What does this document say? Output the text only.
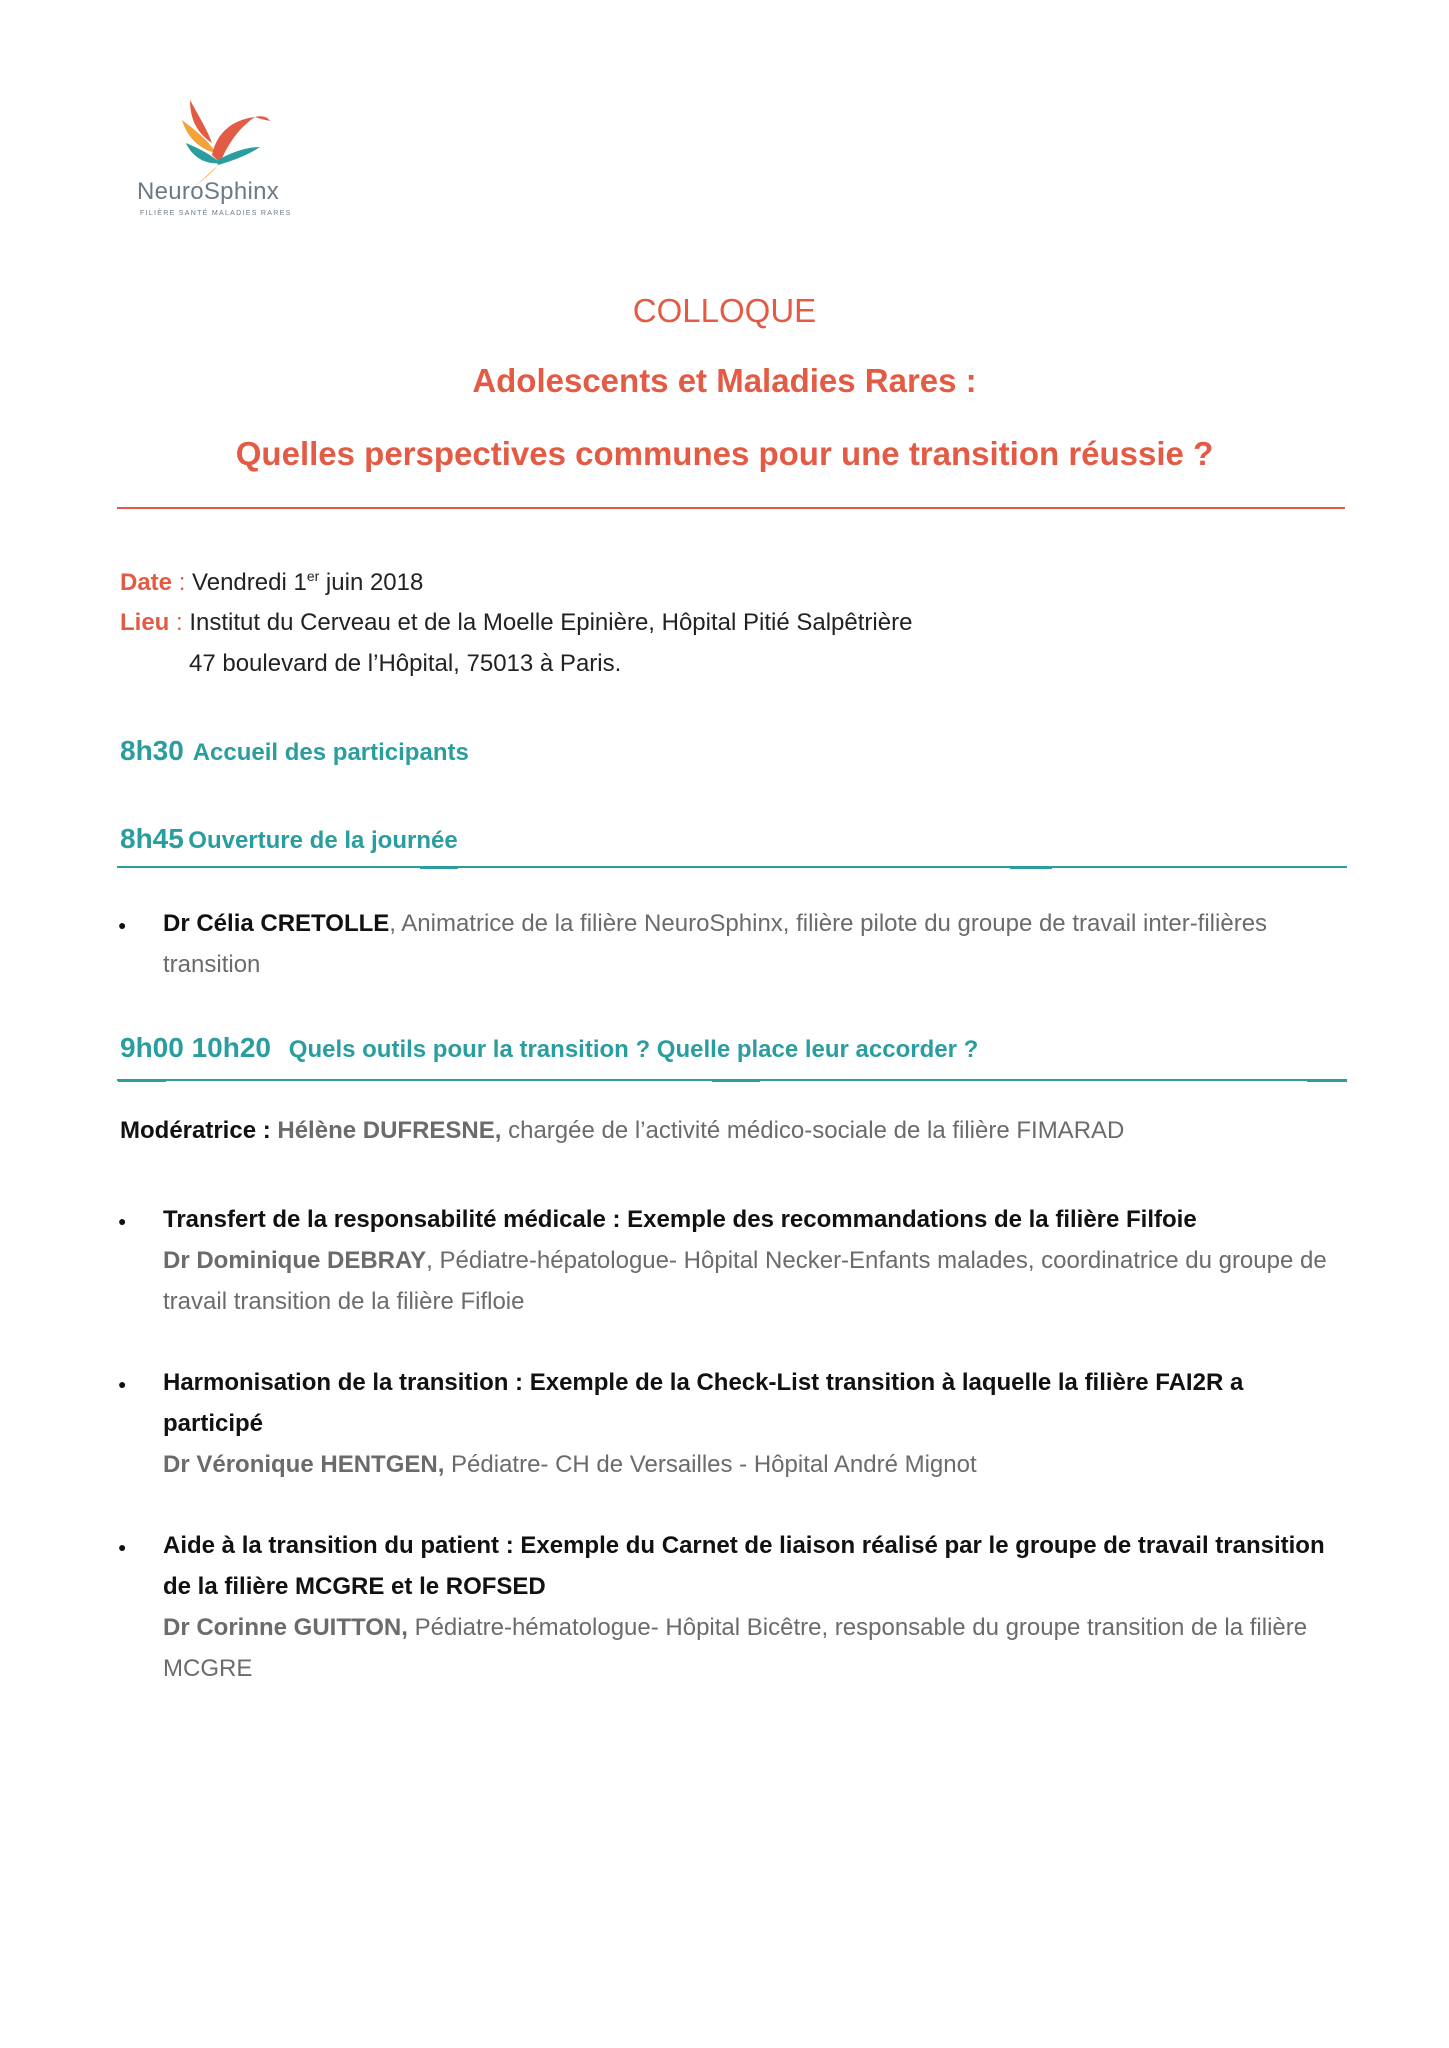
NeuroSphinx
FILIÈRE SANTÉ MALADIES RARES
COLLOQUE
Adolescents et Maladies Rares :
Quelles perspectives communes pour une transition réussie ?
Date : Vendredi 1er juin 2018
Lieu : Institut du Cerveau et de la Moelle Epinière, Hôpital Pitié Salpêtrière
47 boulevard de l’Hôpital, 75013 à Paris.
8h30 Accueil des participants
8h45 Ouverture de la journée
● Dr Célia CRETOLLE, Animatrice de la filière NeuroSphinx, filière pilote du groupe de travail inter-filières transition
9h00 10h20 Quels outils pour la transition ? Quelle place leur accorder ?
Modératrice : Hélène DUFRESNE, chargée de l’activité médico-sociale de la filière FIMARAD
● Transfert de la responsabilité médicale : Exemple des recommandations de la filière Filfoie
Dr Dominique DEBRAY, Pédiatre-hépatologue- Hôpital Necker-Enfants malades, coordinatrice du groupe de travail transition de la filière Fifloie
● Harmonisation de la transition : Exemple de la Check-List transition à laquelle la filière FAI2R a participé
Dr Véronique HENTGEN, Pédiatre- CH de Versailles - Hôpital André Mignot
● Aide à la transition du patient : Exemple du Carnet de liaison réalisé par le groupe de travail transition de la filière MCGRE et le ROFSED
Dr Corinne GUITTON, Pédiatre-hématologue- Hôpital Bicêtre, responsable du groupe transition de la filière MCGRE
